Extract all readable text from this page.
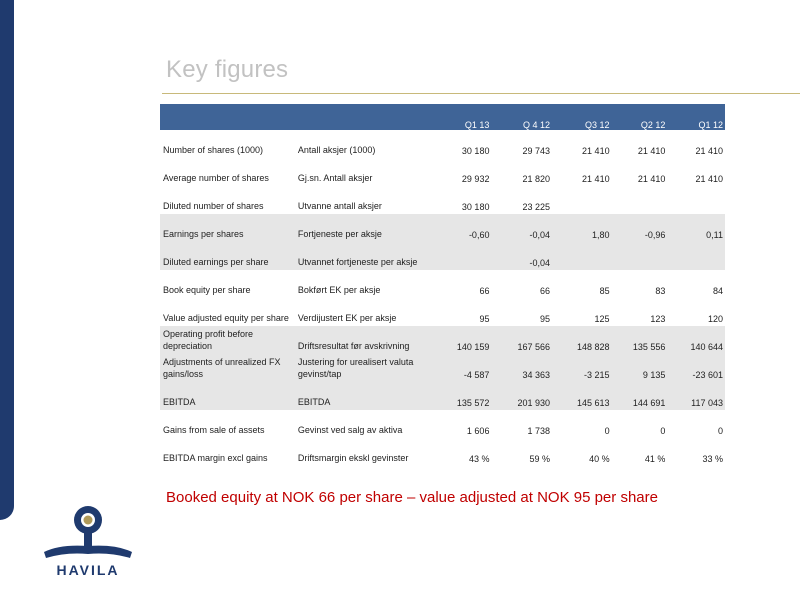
Key figures
		Q1 13	Q 4 12	Q3 12	Q2 12	Q1 12

Number of shares (1000)	Antall aksjer (1000)	30 180	29 743	21 410	21 410	21 410

Average number of shares	Gj.sn. Antall aksjer	29 932	21 820	21 410	21 410	21 410

Diluted number of shares	Utvanne antall aksjer	30 180	23 225			

Earnings per shares	Fortjeneste per aksje	-0,60	-0,04	1,80	-0,96	0,11

Diluted earnings per share	Utvannet fortjeneste per aksje		-0,04			

Book equity per share	Bokført EK per aksje	66	66	85	83	84

Value adjusted equity per share	Verdijustert EK per aksje	95	95	125	123	120

Operating profit before depreciation	Driftsresultat før avskrivning	140 159	167 566	148 828	135 556	140 644

Adjustments of unrealized FX gains/loss	Justering for urealisert valuta gevinst/tap	-4 587	34 363	-3 215	9 135	-23 601

EBITDA	EBITDA	135 572	201 930	145 613	144 691	117 043

Gains from sale of assets	Gevinst ved salg av aktiva	1 606	1 738	0	0	0

EBITDA margin excl gains	Driftsmargin ekskl gevinster	43 %	59 %	40 %	41 %	33 %
Booked equity at NOK 66 per share – value adjusted at NOK 95 per share
HAVILA
